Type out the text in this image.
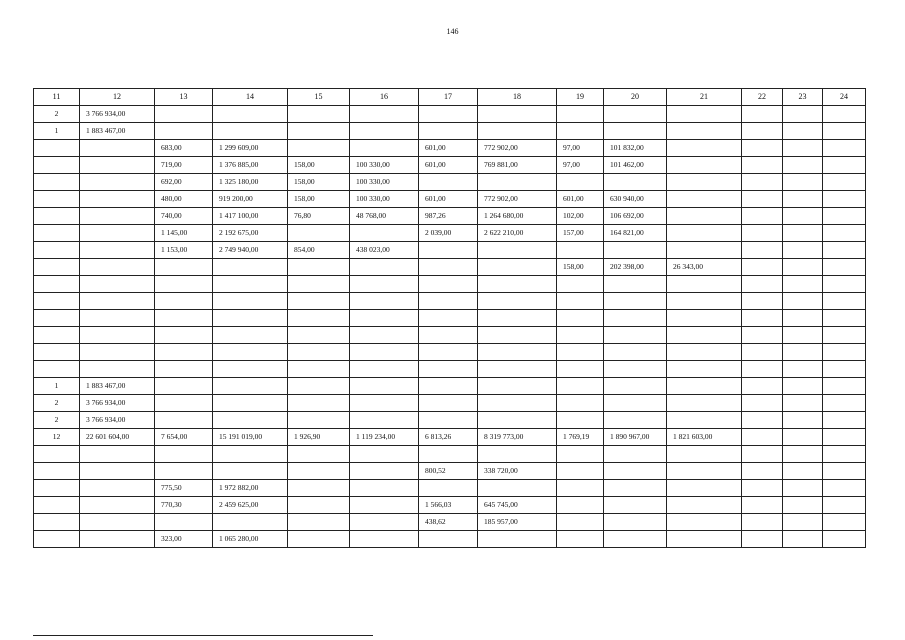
146
11	12	13	14	15	16	17	18	19	20	21	22	23	24
2	3 766 934,00												
1	1 883 467,00												
		683,00	1 299 609,00			601,00	772 902,00	97,00	101 832,00				
		719,00	1 376 885,00	158,00	100 330,00	601,00	769 881,00	97,00	101 462,00				
		692,00	1 325 180,00	158,00	100 330,00								
		480,00	919 200,00	158,00	100 330,00	601,00	772 902,00	601,00	630 940,00				
		740,00	1 417 100,00	76,80	48 768,00	987,26	1 264 680,00	102,00	106 692,00				
		1 145,00	2 192 675,00			2 039,00	2 622 210,00	157,00	164 821,00				
		1 153,00	2 749 940,00	854,00	438 023,00								
								158,00	202 398,00	26 343,00			

1	1 883 467,00												
2	3 766 934,00												
2	3 766 934,00												
12	22 601 604,00	7 654,00	15 191 019,00	1 926,90	1 119 234,00	6 813,26	8 319 773,00	1 769,19	1 890 967,00	1 821 603,00			

						800,52	338 720,00						
		775,50	1 972 882,00										
		770,30	2 459 625,00			1 566,03	645 745,00						
						438,62	185 957,00						
		323,00	1 065 280,00										
